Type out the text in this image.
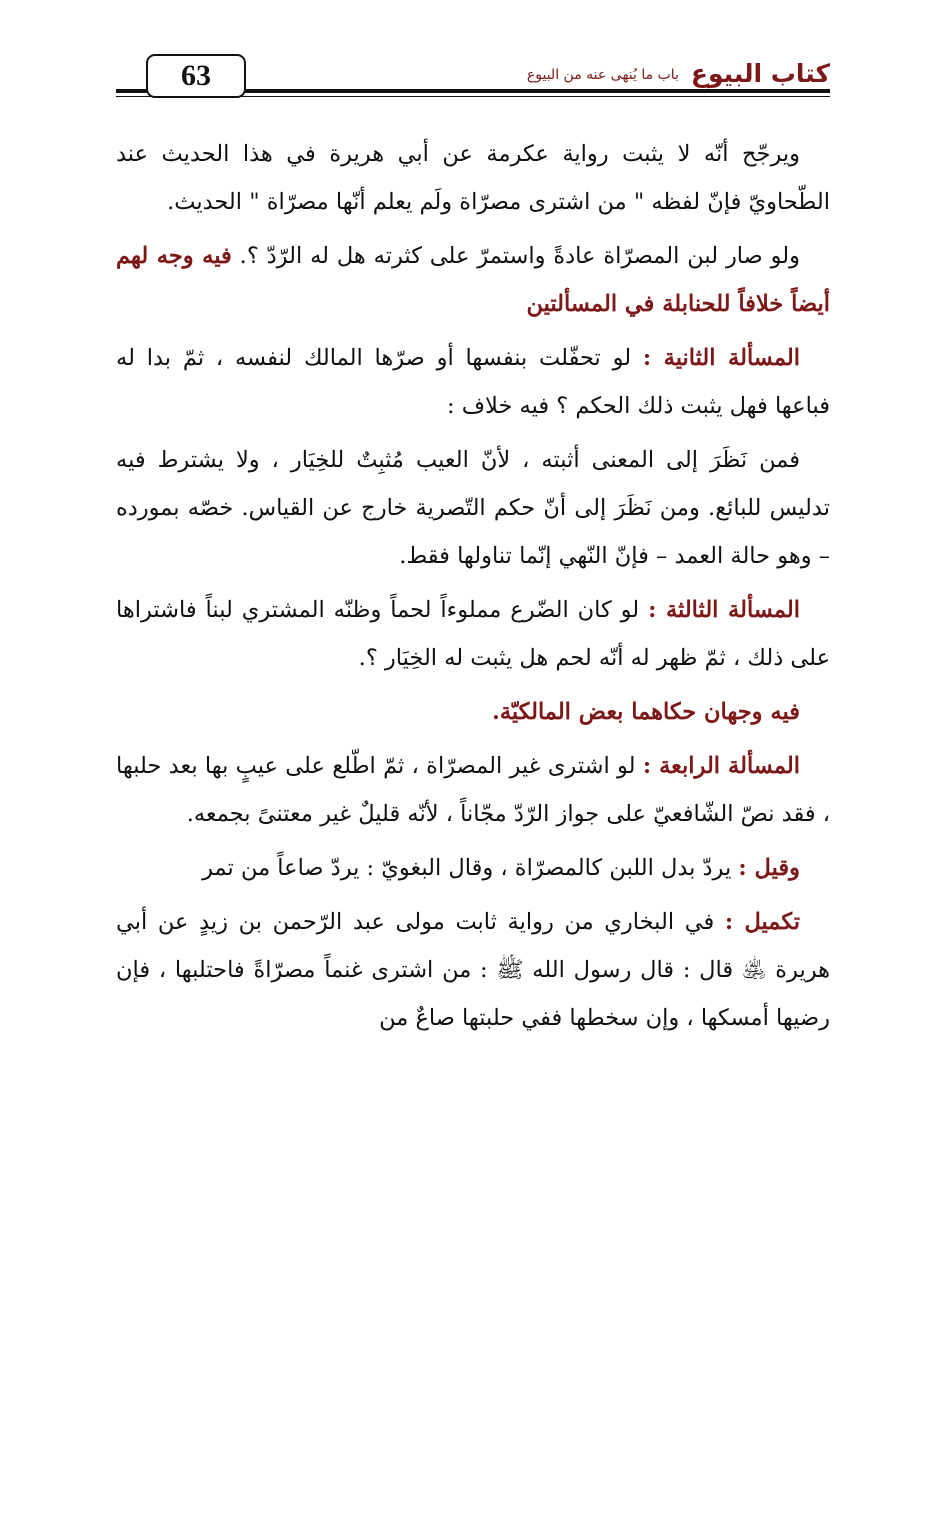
63	كتاب البيوع
باب ما يُنهى عنه من البيوع

ويرجّح أنّه لا يثبت رواية عكرمة عن أبي هريرة في هذا الحديث عند الطّحاويّ فإنّ لفظه " من اشترى مصرّاة ولَم يعلم أنّها مصرّاة " الحديث.

ولو صار لبن المصرّاة عادةً واستمرّ على كثرته هل له الرّدّ ؟. فيه وجه لهم أيضاً خلافاً للحنابلة في المسألتين

المسألة الثانية : لو تحفّلت بنفسها أو صرّها المالك لنفسه ، ثمّ بدا له فباعها فهل يثبت ذلك الحكم ؟ فيه خلاف :

فمن نَظَرَ إلى المعنى أثبته ، لأنّ العيب مُثبِتٌ للخِيَار ، ولا يشترط فيه تدليس للبائع. ومن نَظَرَ إلى أنّ حكم التّصرية خارج عن القياس. خصّه بمورده – وهو حالة العمد – فإنّ النّهي إنّما تناولها فقط.

المسألة الثالثة : لو كان الضّرع مملوءاً لحماً وظنّه المشتري لبناً فاشتراها على ذلك ، ثمّ ظهر له أنّه لحم هل يثبت له الخِيَار ؟.

فيه وجهان حكاهما بعض المالكيّة.

المسألة الرابعة : لو اشترى غير المصرّاة ، ثمّ اطّلع على عيبٍ بها بعد حلبها ، فقد نصّ الشّافعيّ على جواز الرّدّ مجّاناً ، لأنّه قليلٌ غير معتنىً بجمعه.

وقيل : يردّ بدل اللبن كالمصرّاة ، وقال البغويّ : يردّ صاعاً من تمر

تكميل : في البخاري من رواية ثابت مولى عبد الرّحمن بن زيدٍ عن أبي هريرة ﵁ قال : قال رسول الله ﷺ : من اشترى غنماً مصرّاةً فاحتلبها ، فإن رضيها أمسكها ، وإن سخطها ففي حلبتها صاعٌ من
